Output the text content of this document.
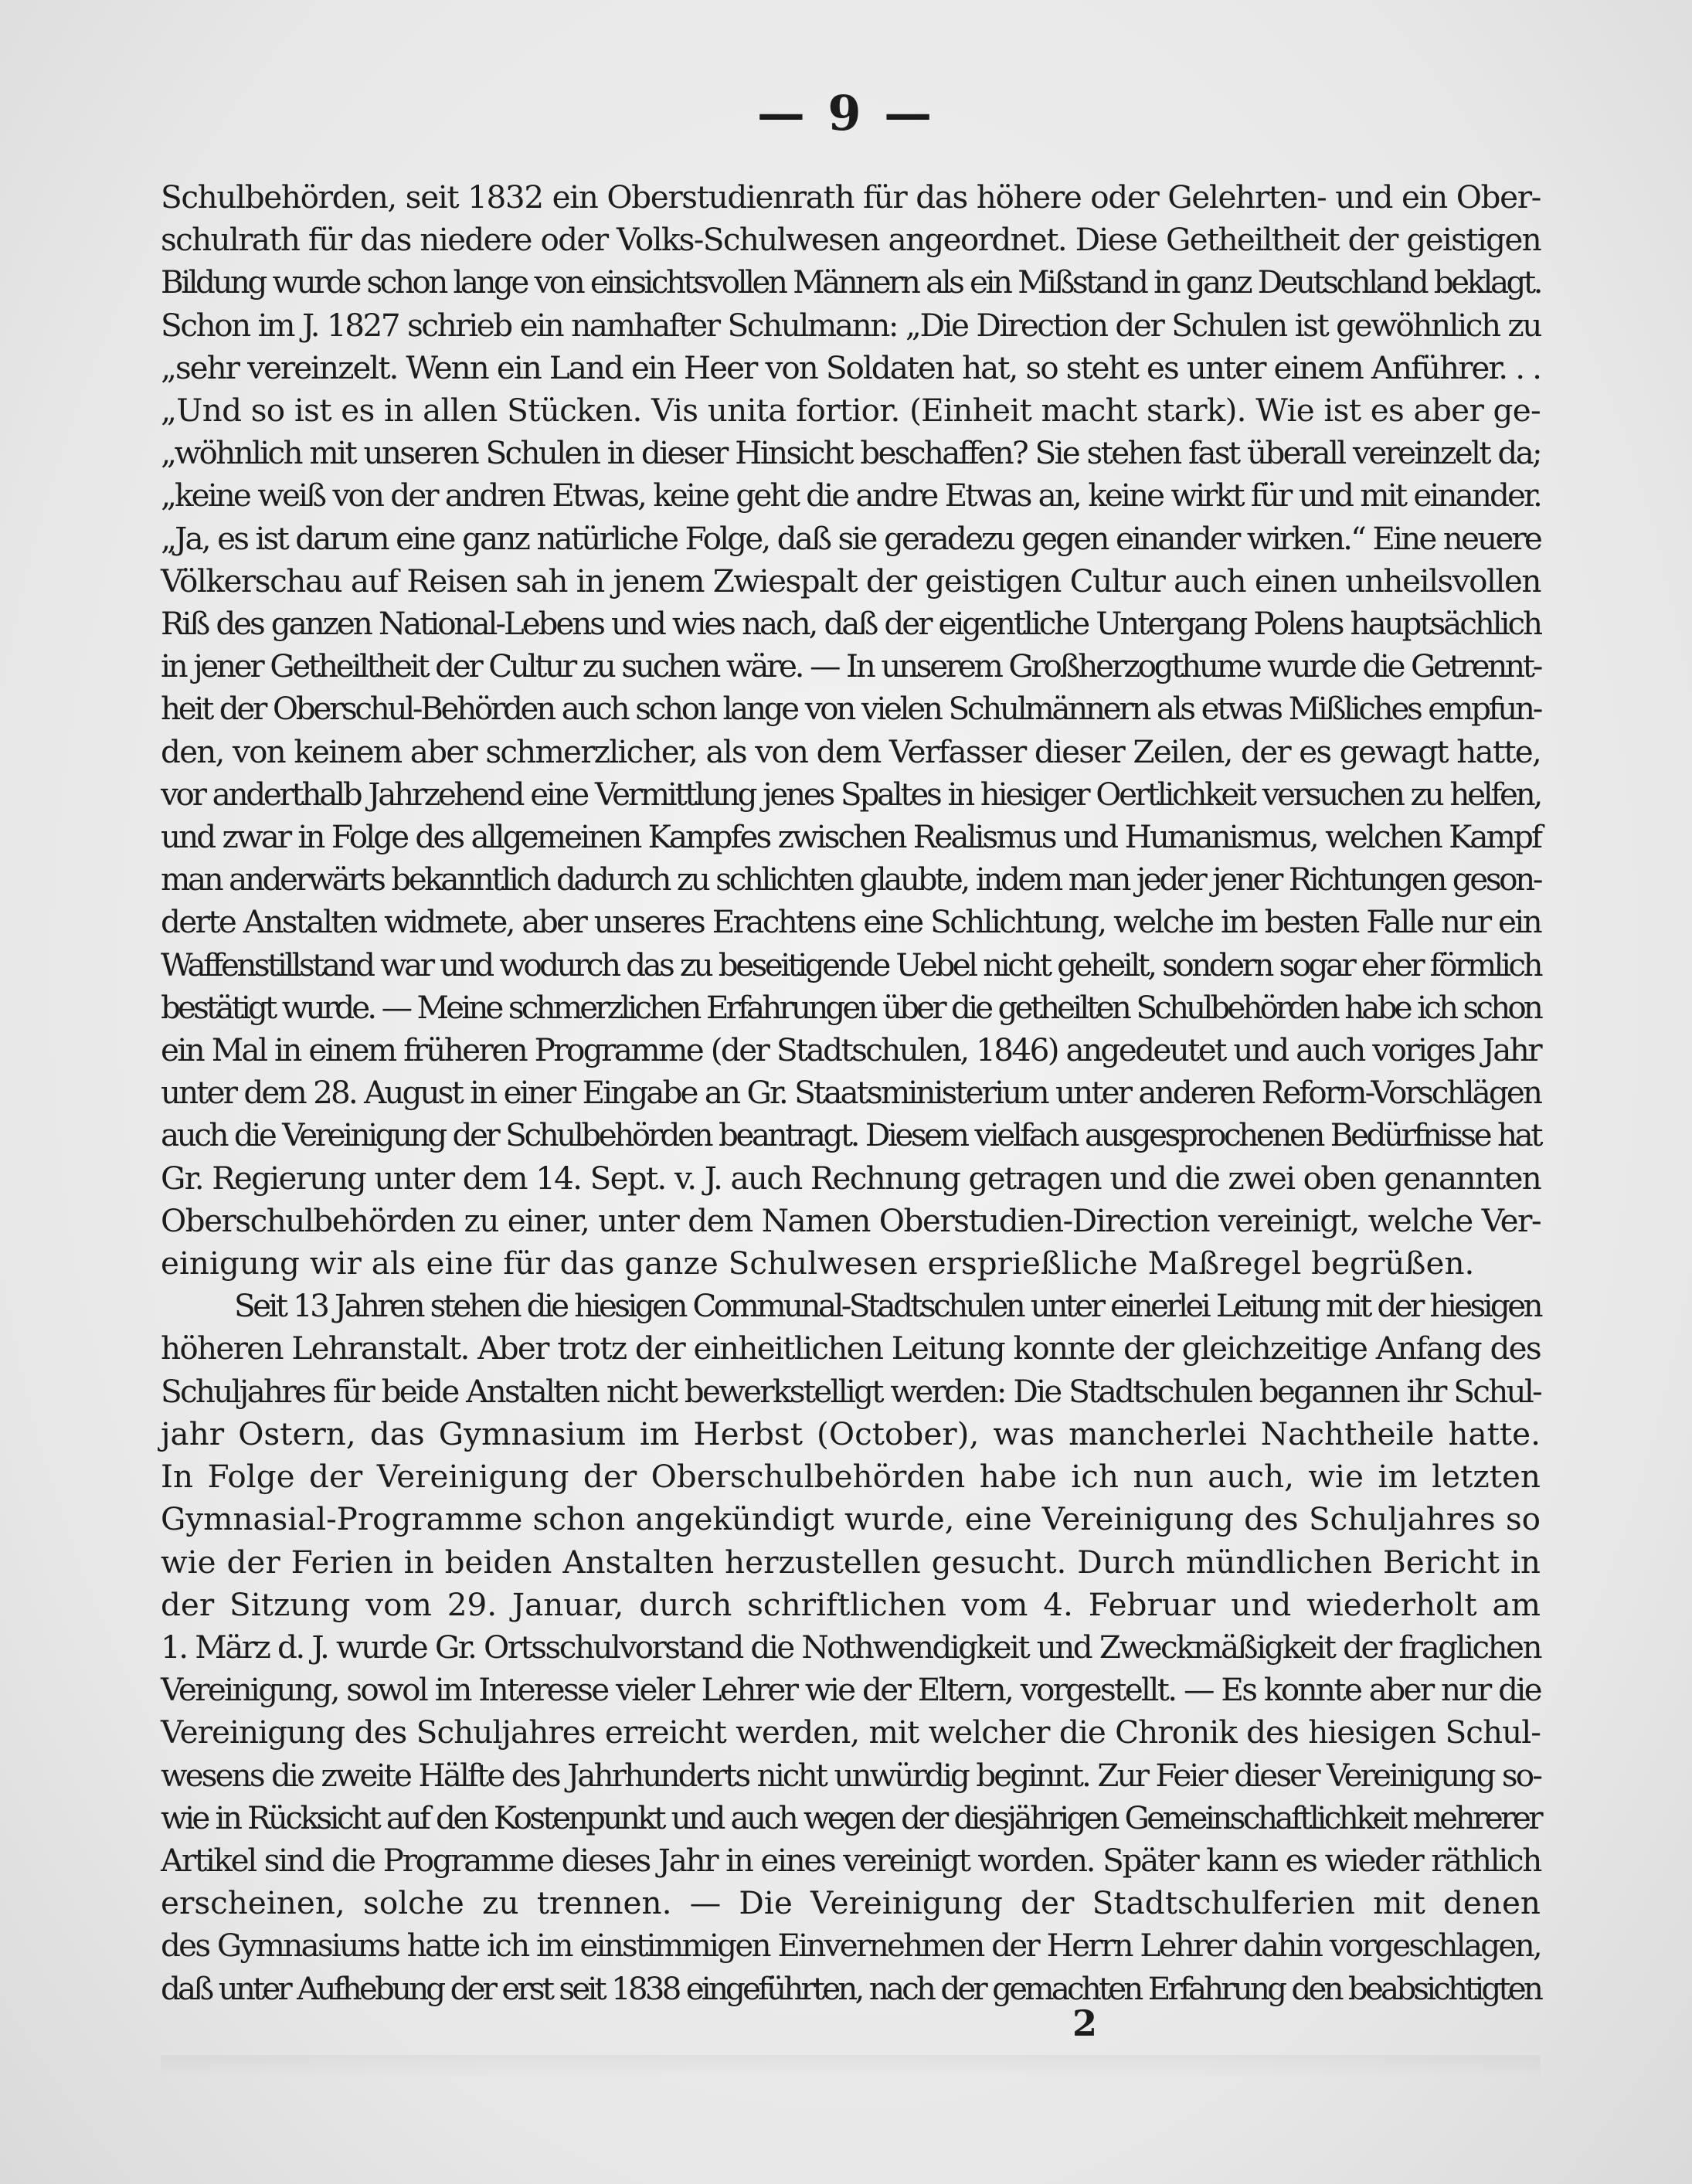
— 9 —
Schulbehörden, seit 1832 ein Oberstudienrath für das höhere oder Gelehrten- und ein Ober-
schulrath für das niedere oder Volks-Schulwesen angeordnet. Diese Getheiltheit der geistigen
Bildung wurde schon lange von einsichtsvollen Männern als ein Mißstand in ganz Deutschland beklagt.
Schon im J. 1827 schrieb ein namhafter Schulmann: „Die Direction der Schulen ist gewöhnlich zu
„sehr vereinzelt. Wenn ein Land ein Heer von Soldaten hat, so steht es unter einem Anführer. . .
„Und so ist es in allen Stücken. Vis unita fortior. (Einheit macht stark). Wie ist es aber ge-
„wöhnlich mit unseren Schulen in dieser Hinsicht beschaffen? Sie stehen fast überall vereinzelt da;
„keine weiß von der andren Etwas, keine geht die andre Etwas an, keine wirkt für und mit einander.
„Ja, es ist darum eine ganz natürliche Folge, daß sie geradezu gegen einander wirken.“ Eine neuere
Völkerschau auf Reisen sah in jenem Zwiespalt der geistigen Cultur auch einen unheilsvollen
Riß des ganzen National-Lebens und wies nach, daß der eigentliche Untergang Polens hauptsächlich
in jener Getheiltheit der Cultur zu suchen wäre. — In unserem Großherzogthume wurde die Getrennt-
heit der Oberschul-Behörden auch schon lange von vielen Schulmännern als etwas Mißliches empfun-
den, von keinem aber schmerzlicher, als von dem Verfasser dieser Zeilen, der es gewagt hatte,
vor anderthalb Jahrzehend eine Vermittlung jenes Spaltes in hiesiger Oertlichkeit versuchen zu helfen,
und zwar in Folge des allgemeinen Kampfes zwischen Realismus und Humanismus, welchen Kampf
man anderwärts bekanntlich dadurch zu schlichten glaubte, indem man jeder jener Richtungen geson-
derte Anstalten widmete, aber unseres Erachtens eine Schlichtung, welche im besten Falle nur ein
Waffenstillstand war und wodurch das zu beseitigende Uebel nicht geheilt, sondern sogar eher förmlich
bestätigt wurde. — Meine schmerzlichen Erfahrungen über die getheilten Schulbehörden habe ich schon
ein Mal in einem früheren Programme (der Stadtschulen, 1846) angedeutet und auch voriges Jahr
unter dem 28. August in einer Eingabe an Gr. Staatsministerium unter anderen Reform-Vorschlägen
auch die Vereinigung der Schulbehörden beantragt. Diesem vielfach ausgesprochenen Bedürfnisse hat
Gr. Regierung unter dem 14. Sept. v. J. auch Rechnung getragen und die zwei oben genannten
Oberschulbehörden zu einer, unter dem Namen Oberstudien-Direction vereinigt, welche Ver-
einigung wir als eine für das ganze Schulwesen ersprießliche Maßregel begrüßen.
Seit 13 Jahren stehen die hiesigen Communal-Stadtschulen unter einerlei Leitung mit der hiesigen
höheren Lehranstalt. Aber trotz der einheitlichen Leitung konnte der gleichzeitige Anfang des
Schuljahres für beide Anstalten nicht bewerkstelligt werden: Die Stadtschulen begannen ihr Schul-
jahr Ostern, das Gymnasium im Herbst (October), was mancherlei Nachtheile hatte.
In Folge der Vereinigung der Oberschulbehörden habe ich nun auch, wie im letzten
Gymnasial-Programme schon angekündigt wurde, eine Vereinigung des Schuljahres so
wie der Ferien in beiden Anstalten herzustellen gesucht. Durch mündlichen Bericht in
der Sitzung vom 29. Januar, durch schriftlichen vom 4. Februar und wiederholt am
1. März d. J. wurde Gr. Ortsschulvorstand die Nothwendigkeit und Zweckmäßigkeit der fraglichen
Vereinigung, sowol im Interesse vieler Lehrer wie der Eltern, vorgestellt. — Es konnte aber nur die
Vereinigung des Schuljahres erreicht werden, mit welcher die Chronik des hiesigen Schul-
wesens die zweite Hälfte des Jahrhunderts nicht unwürdig beginnt. Zur Feier dieser Vereinigung so-
wie in Rücksicht auf den Kostenpunkt und auch wegen der diesjährigen Gemeinschaftlichkeit mehrerer
Artikel sind die Programme dieses Jahr in eines vereinigt worden. Später kann es wieder räthlich
erscheinen, solche zu trennen. — Die Vereinigung der Stadtschulferien mit denen
des Gymnasiums hatte ich im einstimmigen Einvernehmen der Herrn Lehrer dahin vorgeschlagen,
daß unter Aufhebung der erst seit 1838 eingeführten, nach der gemachten Erfahrung den beabsichtigten
2
